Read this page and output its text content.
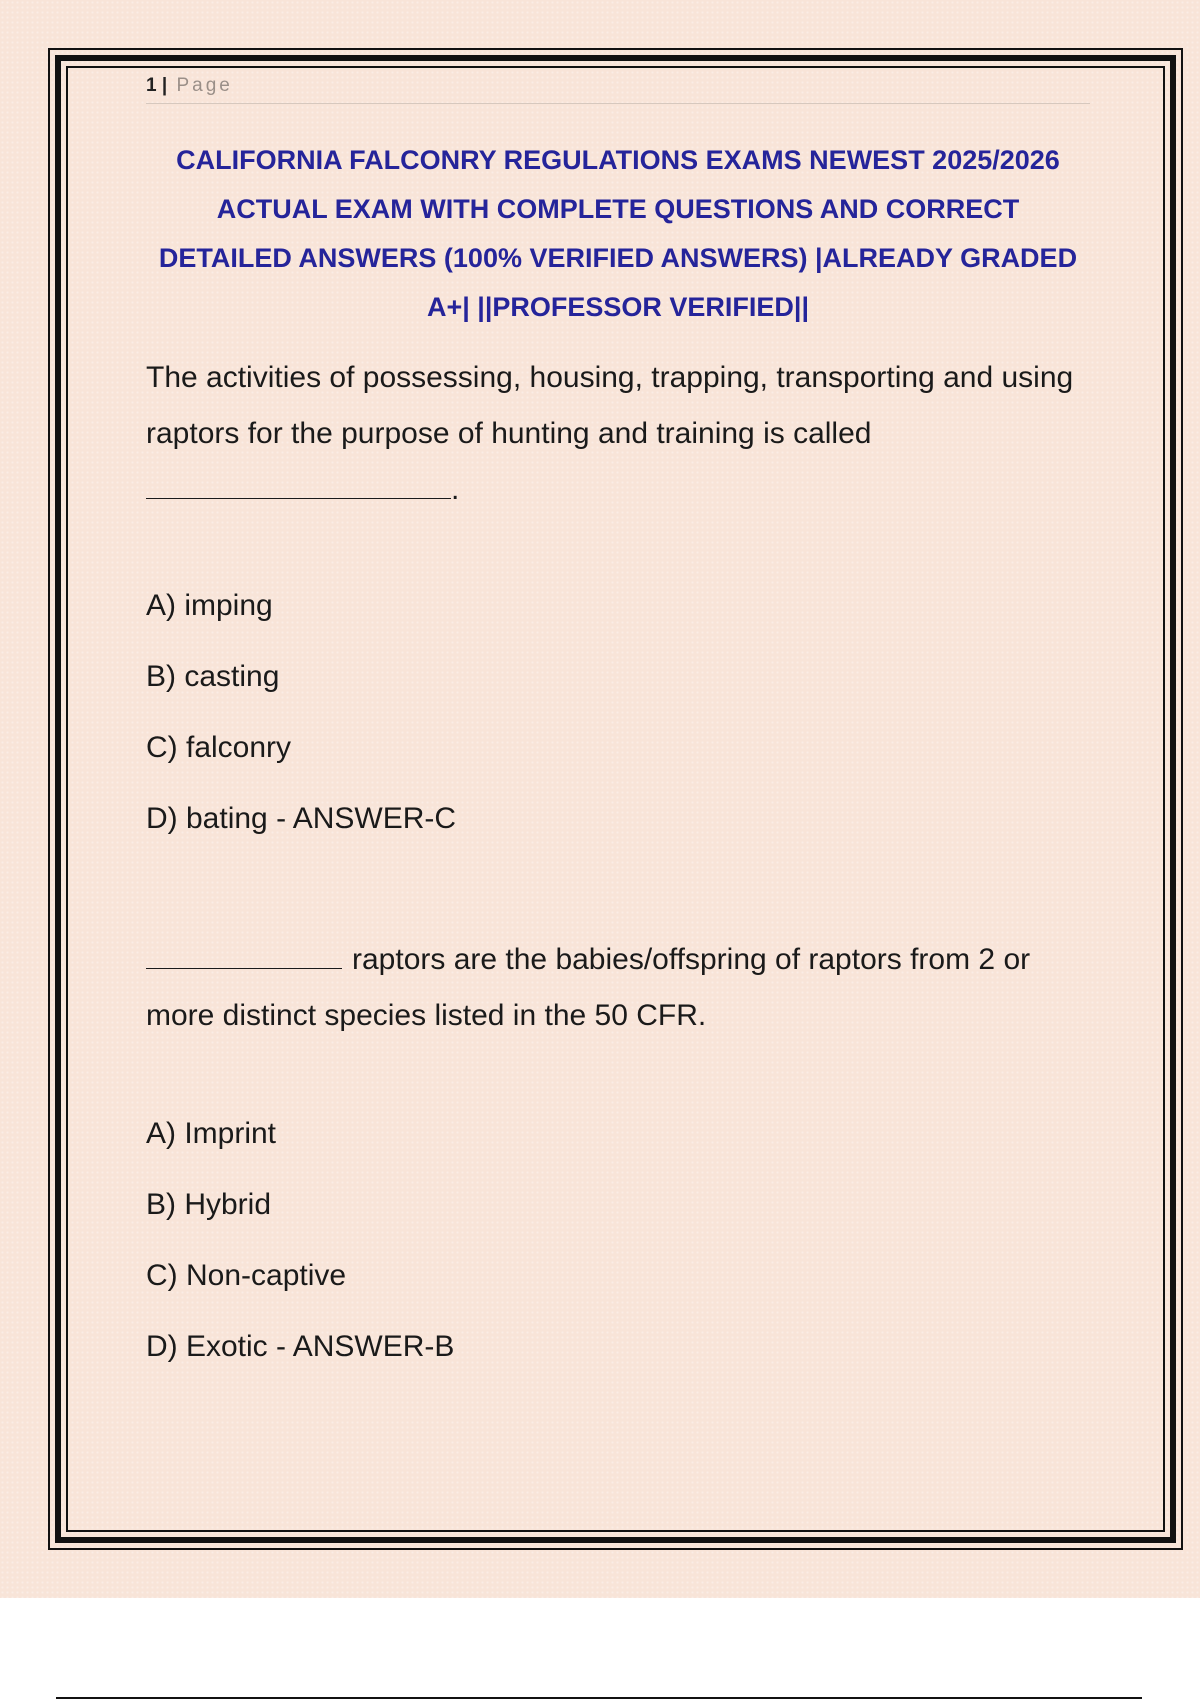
1 | Page
CALIFORNIA FALCONRY REGULATIONS EXAMS NEWEST 2025/2026 ACTUAL EXAM WITH COMPLETE QUESTIONS AND CORRECT DETAILED ANSWERS (100% VERIFIED ANSWERS) |ALREADY GRADED A+| ||PROFESSOR VERIFIED||
The activities of possessing, housing, trapping, transporting and using raptors for the purpose of hunting and training is called
.
A) imping
B) casting
C) falconry
D) bating - ANSWER-C
raptors are the babies/offspring of raptors from 2 or more distinct species listed in the 50 CFR.
A) Imprint
B) Hybrid
C) Non-captive
D) Exotic - ANSWER-B
